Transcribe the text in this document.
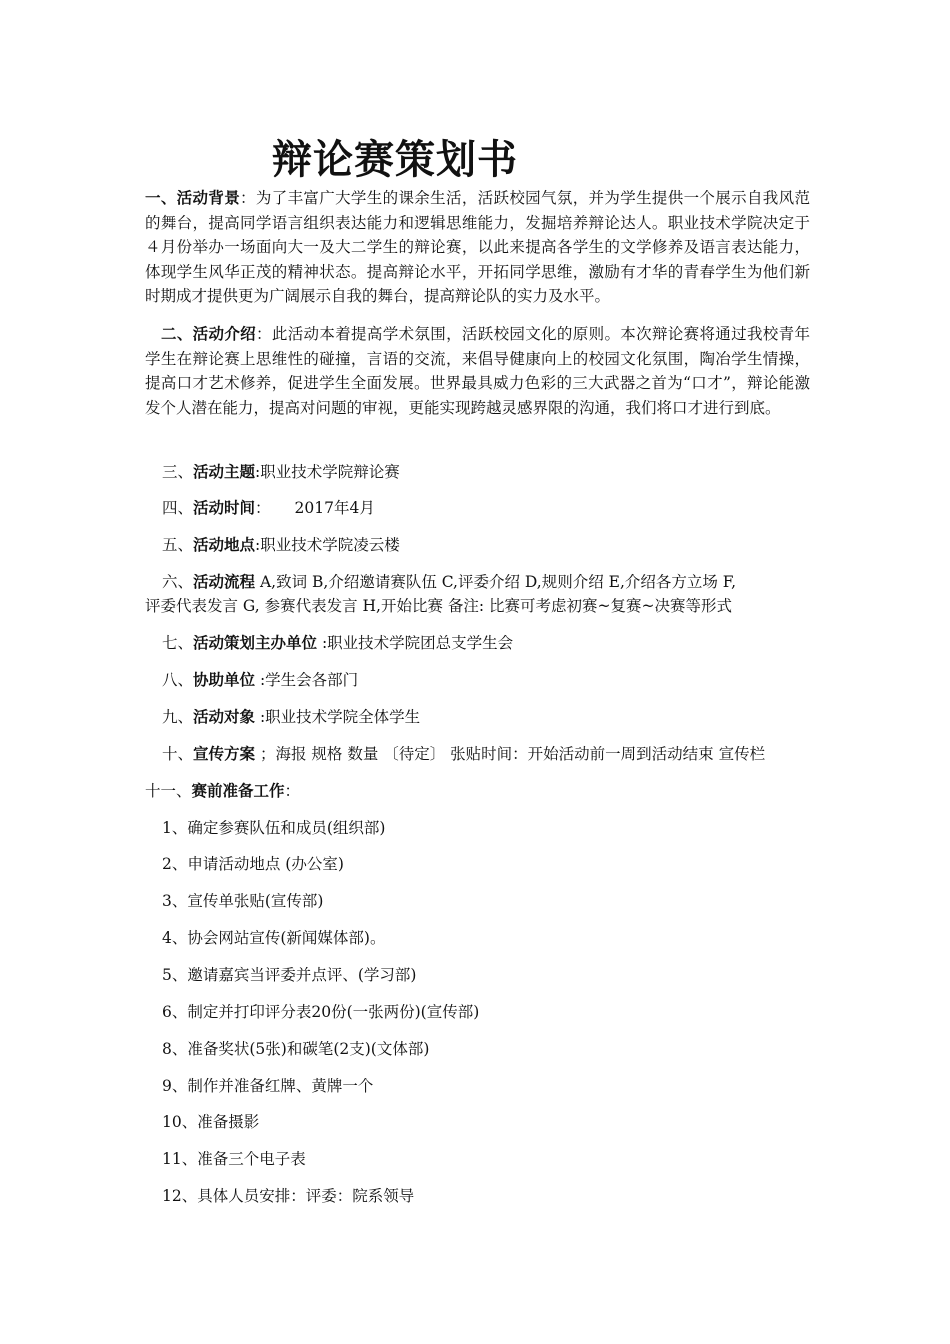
辩论赛策划书

一、活动背景：为了丰富广大学生的课余生活，活跃校园气氛，并为学生提供一个展示自我风范的舞台，提高同学语言组织表达能力和逻辑思维能力，发掘培养辩论达人。职业技术学院决定于４月份举办一场面向大一及大二学生的辩论赛，以此来提高各学生的文学修养及语言表达能力，体现学生风华正茂的精神状态。提高辩论水平，开拓同学思维，激励有才华的青春学生为他们新时期成才提供更为广阔展示自我的舞台，提高辩论队的实力及水平。

二、活动介绍：此活动本着提高学术氛围，活跃校园文化的原则。本次辩论赛将通过我校青年学生在辩论赛上思维性的碰撞，言语的交流，来倡导健康向上的校园文化氛围，陶冶学生情操，提高口才艺术修养，促进学生全面发展。世界最具威力色彩的三大武器之首为“口才”，辩论能激发个人潜在能力，提高对问题的审视，更能实现跨越灵感界限的沟通，我们将口才进行到底。

三、活动主题:职业技术学院辩论赛

四、活动时间： 2017年4月

五、活动地点:职业技术学院凌云楼

六、活动流程 A,致词 B,介绍邀请赛队伍 C,评委介绍 D,规则介绍 E,介绍各方立场 F,

评委代表发言 G, 参赛代表发言 H,开始比赛 备注: 比赛可考虑初赛~复赛~决赛等形式

七、活动策划主办单位 :职业技术学院团总支学生会

八、协助单位 :学生会各部门

九、活动对象 :职业技术学院全体学生

十、宣传方案 ；海报 规格 数量 〔待定〕 张贴时间：开始活动前一周到活动结束 宣传栏

十一、赛前准备工作：

1、确定参赛队伍和成员(组织部)

2、申请活动地点 (办公室)

3、宣传单张贴(宣传部)

4、协会网站宣传(新闻媒体部)。

5、邀请嘉宾当评委并点评、(学习部)

6、制定并打印评分表20份(一张两份)(宣传部)

8、准备奖状(5张)和碳笔(2支)(文体部)

9、制作并准备红牌、黄牌一个

10、准备摄影

11、准备三个电子表

12、具体人员安排：评委：院系领导
